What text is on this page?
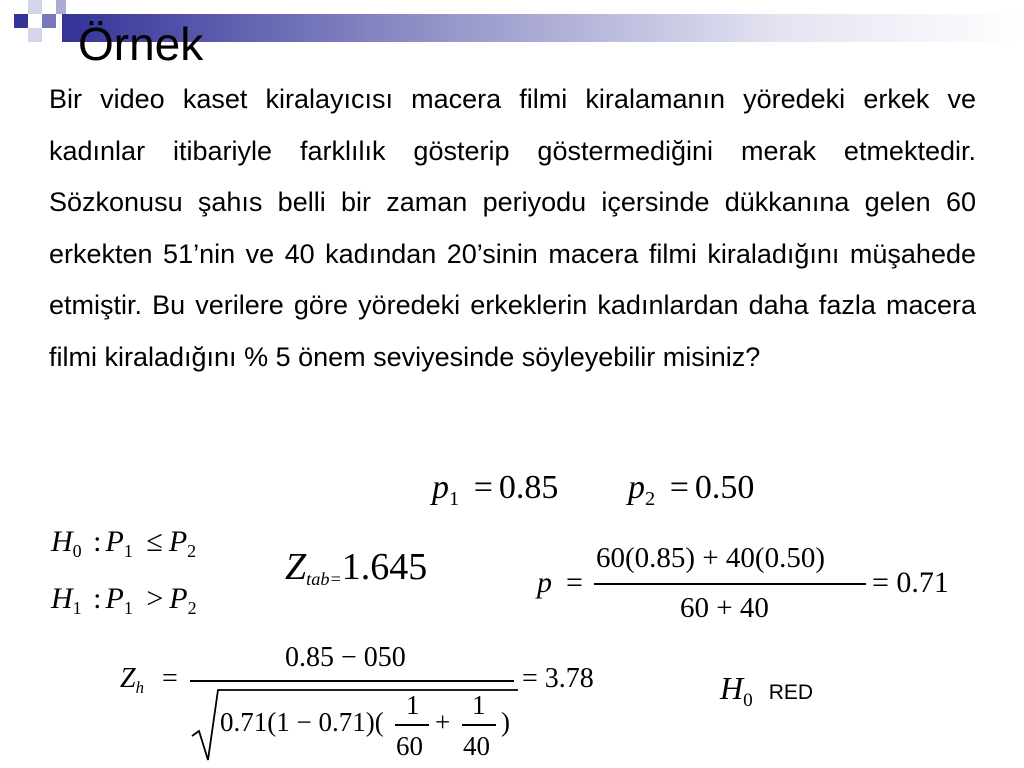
Örnek

Bir video kaset kiralayıcısı macera filmi kiralamanın yöredeki erkek ve kadınlar itibariyle farklılık gösterip göstermediğini merak etmektedir. Sözkonusu şahıs belli bir zaman periyodu içersinde dükkanına gelen 60 erkekten 51’nin ve 40 kadından 20’sinin macera filmi kiraladığını müşahede etmiştir. Bu verilere göre yöredeki erkeklerin kadınlardan daha fazla macera filmi kiraladığını % 5 önem seviyesinde söyleyebilir misiniz?

$p_1 = 0.85$ $p_2 = 0.50$
$H_0$ : $P_1 \le P_2$
$H_1$ : $P_1 > P_2$
Ztab=1.645	p =
60(0.85) + 40(0.50)
60 + 40
= 0.71
$Z_h$ =
0.85 − 050
0.71(1 − 0.71)(
1
60
+
1
40
)
= 3.78	$H_0$ RED
